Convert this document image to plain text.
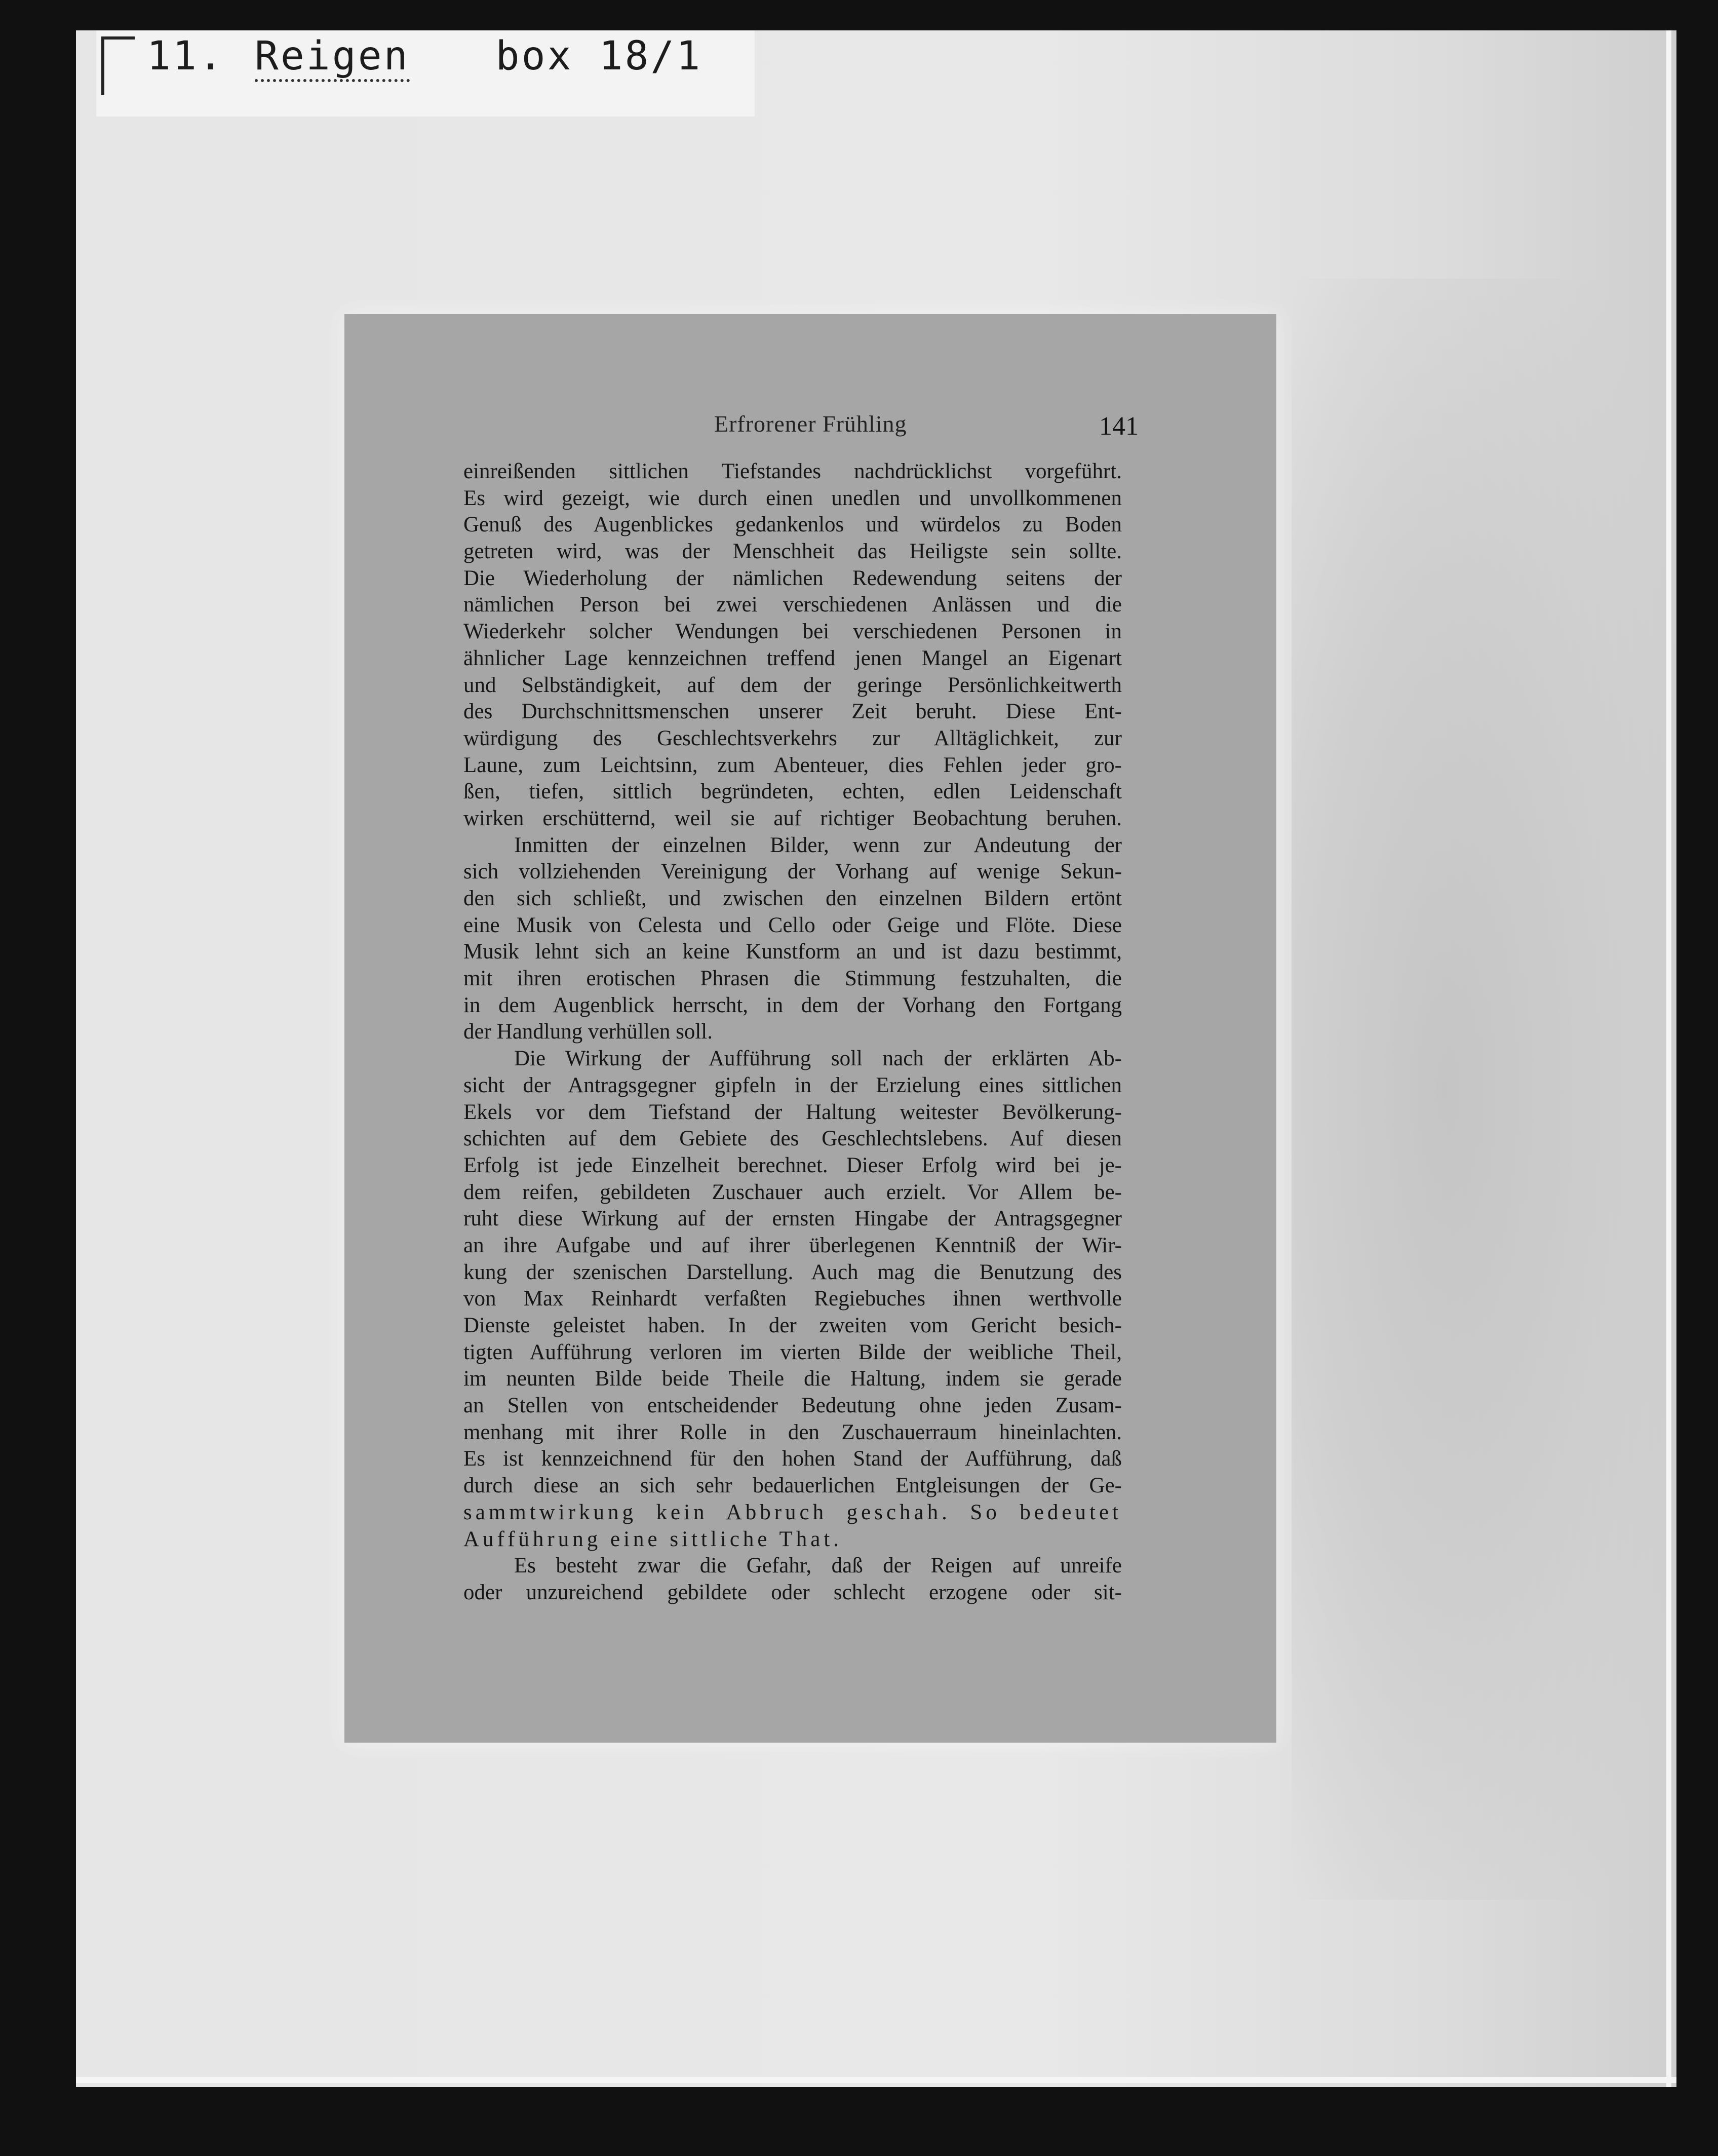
11. Reigen box 18/1
Erfrorener Frühling	141
einreißenden sittlichen Tiefstandes nachdrücklichst vorgeführt.
Es wird gezeigt, wie durch einen unedlen und unvollkommenen
Genuß des Augenblickes gedankenlos und würdelos zu Boden
getreten wird, was der Menschheit das Heiligste sein sollte.
Die Wiederholung der nämlichen Redewendung seitens der
nämlichen Person bei zwei verschiedenen Anlässen und die
Wiederkehr solcher Wendungen bei verschiedenen Personen in
ähnlicher Lage kennzeichnen treffend jenen Mangel an Eigenart
und Selbständigkeit, auf dem der geringe Persönlichkeitwerth
des Durchschnittsmenschen unserer Zeit beruht. Diese Ent-
würdigung des Geschlechtsverkehrs zur Alltäglichkeit, zur
Laune, zum Leichtsinn, zum Abenteuer, dies Fehlen jeder gro-
ßen, tiefen, sittlich begründeten, echten, edlen Leidenschaft
wirken erschütternd, weil sie auf richtiger Beobachtung beruhen.
Inmitten der einzelnen Bilder, wenn zur Andeutung der
sich vollziehenden Vereinigung der Vorhang auf wenige Sekun-
den sich schließt, und zwischen den einzelnen Bildern ertönt
eine Musik von Celesta und Cello oder Geige und Flöte. Diese
Musik lehnt sich an keine Kunstform an und ist dazu bestimmt,
mit ihren erotischen Phrasen die Stimmung festzuhalten, die
in dem Augenblick herrscht, in dem der Vorhang den Fortgang
der Handlung verhüllen soll.
Die Wirkung der Aufführung soll nach der erklärten Ab-
sicht der Antragsgegner gipfeln in der Erzielung eines sittlichen
Ekels vor dem Tiefstand der Haltung weitester Bevölkerung-
schichten auf dem Gebiete des Geschlechtslebens. Auf diesen
Erfolg ist jede Einzelheit berechnet. Dieser Erfolg wird bei je-
dem reifen, gebildeten Zuschauer auch erzielt. Vor Allem be-
ruht diese Wirkung auf der ernsten Hingabe der Antragsgegner
an ihre Aufgabe und auf ihrer überlegenen Kenntniß der Wir-
kung der szenischen Darstellung. Auch mag die Benutzung des
von Max Reinhardt verfaßten Regiebuches ihnen werthvolle
Dienste geleistet haben. In der zweiten vom Gericht besich-
tigten Aufführung verloren im vierten Bilde der weibliche Theil,
im neunten Bilde beide Theile die Haltung, indem sie gerade
an Stellen von entscheidender Bedeutung ohne jeden Zusam-
menhang mit ihrer Rolle in den Zuschauerraum hineinlachten.
Es ist kennzeichnend für den hohen Stand der Aufführung, daß
durch diese an sich sehr bedauerlichen Entgleisungen der Ge-
sammtwirkung kein Abbruch geschah. So bedeutet
Aufführung eine sittliche That.
Es besteht zwar die Gefahr, daß der Reigen auf unreife
oder unzureichend gebildete oder schlecht erzogene oder sit-
